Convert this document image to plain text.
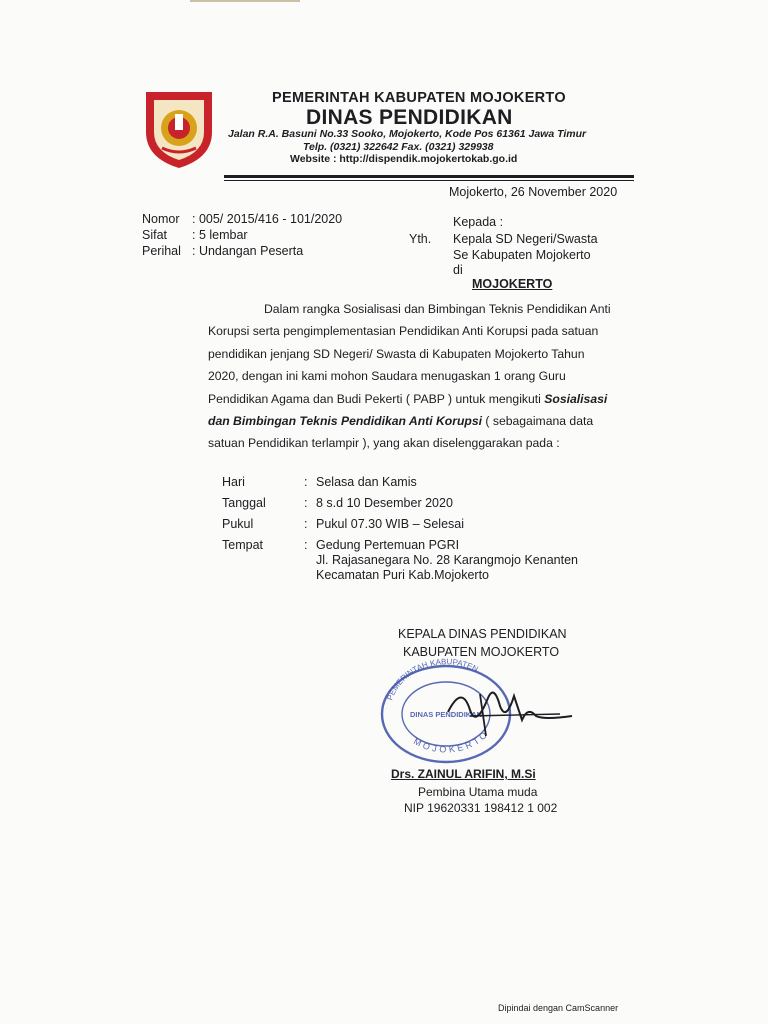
PEMERINTAH KABUPATEN MOJOKERTO
DINAS PENDIDIKAN
Jalan R.A. Basuni No.33 Sooko, Mojokerto, Kode Pos 61361 Jawa Timur
Telp. (0321) 322642 Fax. (0321) 329938
Website : http://dispendik.mojokertokab.go.id
Mojokerto, 26 November 2020
Nomor : 005/ 2015/416 - 101/2020
Sifat : 5 lembar
Perihal : Undangan Peserta
Kepada :
Yth. Kepala SD Negeri/Swasta
Se Kabupaten Mojokerto
di
MOJOKERTO
Dalam rangka Sosialisasi dan Bimbingan Teknis Pendidikan Anti
Korupsi serta pengimplementasian Pendidikan Anti Korupsi pada satuan
pendidikan jenjang SD Negeri/ Swasta di Kabupaten Mojokerto Tahun
2020, dengan ini kami mohon Saudara menugaskan 1 orang Guru
Pendidikan Agama dan Budi Pekerti ( PABP ) untuk mengikuti Sosialisasi
dan Bimbingan Teknis Pendidikan Anti Korupsi ( sebagaimana data
satuan Pendidikan terlampir ), yang akan diselenggarakan pada :
Hari	: Selasa dan Kamis
Tanggal	: 8 s.d 10 Desember 2020
Pukul	: Pukul 07.30 WIB – Selesai
Tempat	: Gedung Pertemuan PGRI
Jl. Rajasanegara No. 28 Karangmojo Kenanten
Kecamatan Puri Kab.Mojokerto
KEPALA DINAS PENDIDIKAN
KABUPATEN MOJOKERTO
PEMERINTAH KABUPATEN
DINAS PENDIDIKAN
MOJOKERTO
Drs. ZAINUL ARIFIN, M.Si
Pembina Utama muda
NIP 19620331 198412 1 002
Dipindai dengan CamScanner
